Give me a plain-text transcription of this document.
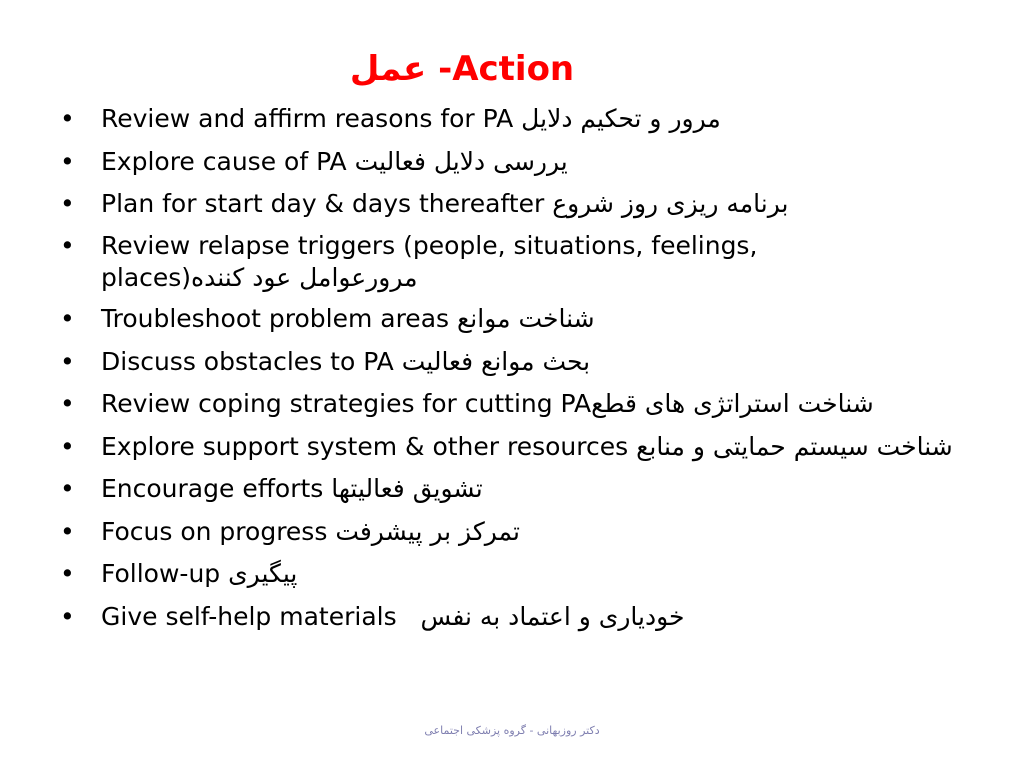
عمل -Action
• Review and affirm reasons for PA مرور و تحکیم دلایل
• Explore cause of PA یررسی دلایل فعالیت
• Plan for start day & days thereafter برنامه ریزی روز شروع
• Review relapse triggers (people, situations, feelings, places)مرورعوامل عود کننده
• Troubleshoot problem areas شناخت موانع
• Discuss obstacles to PA بحث موانع فعالیت
• Review coping strategies for cutting PAشناخت استراتژی های قطع
• Explore support system & other resources شناخت سیستم حمایتی و منابع
• Encourage efforts تشویق فعالیتها
• Focus on progress تمرکز بر پیشرفت
• Follow-up پیگیری
• Give self-help materials   خودیاری و اعتماد به نفس
دکتر روزبهانی - گروه پزشکی اجتماعی
